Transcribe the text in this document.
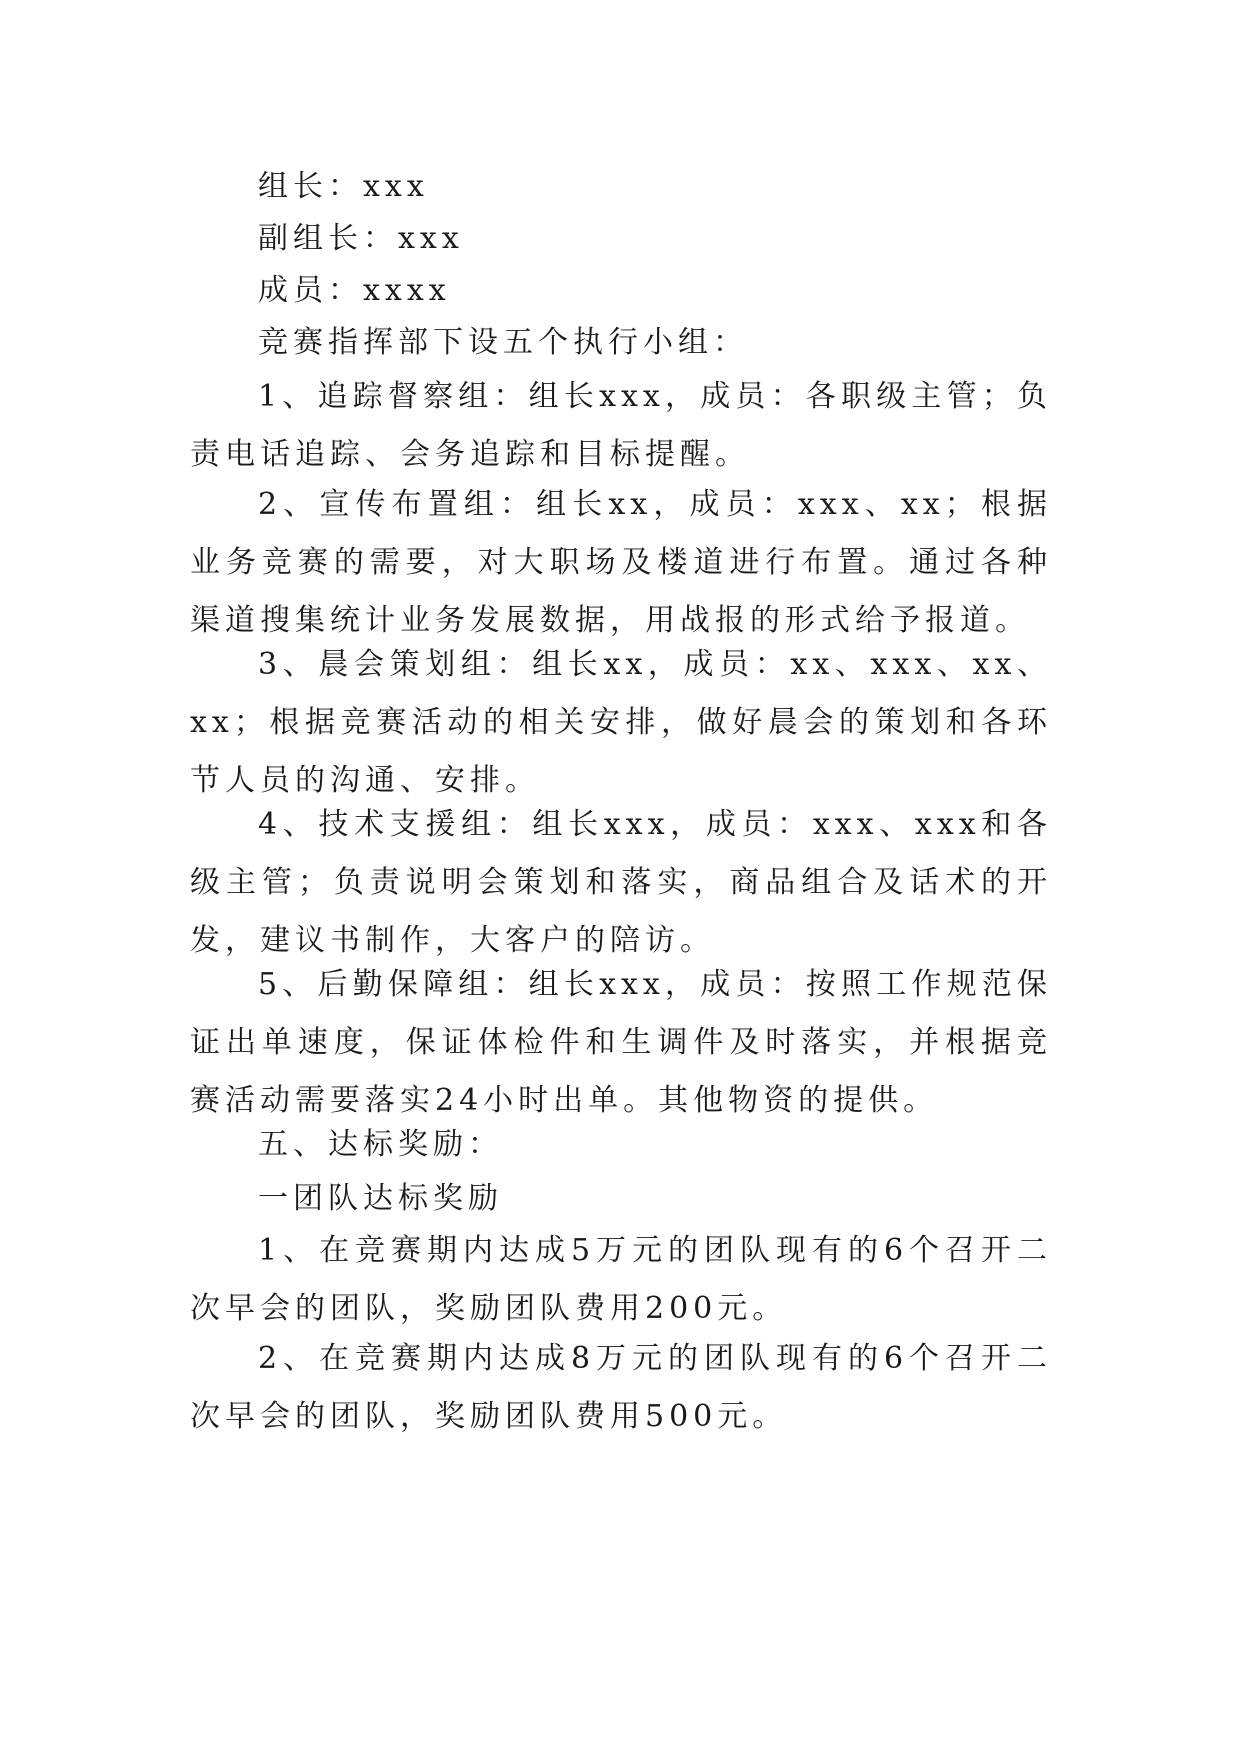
组长：xxx

副组长：xxx

成员：xxxx

竞赛指挥部下设五个执行小组：

1、追踪督察组：组长xxx，成员：各职级主管；负责电话追踪、会务追踪和目标提醒。

2、宣传布置组：组长xx，成员：xxx、xx；根据业务竞赛的需要，对大职场及楼道进行布置。通过各种渠道搜集统计业务发展数据，用战报的形式给予报道。

3、晨会策划组：组长xx，成员：xx、xxx、xx、xx；根据竞赛活动的相关安排，做好晨会的策划和各环节人员的沟通、安排。

4、技术支援组：组长xxx，成员：xxx、xxx和各级主管；负责说明会策划和落实，商品组合及话术的开发，建议书制作，大客户的陪访。

5、后勤保障组：组长xxx，成员：按照工作规范保证出单速度，保证体检件和生调件及时落实，并根据竞赛活动需要落实24小时出单。其他物资的提供。

五、达标奖励：

一团队达标奖励

1、在竞赛期内达成5万元的团队现有的6个召开二次早会的团队，奖励团队费用200元。

2、在竞赛期内达成8万元的团队现有的6个召开二次早会的团队，奖励团队费用500元。
